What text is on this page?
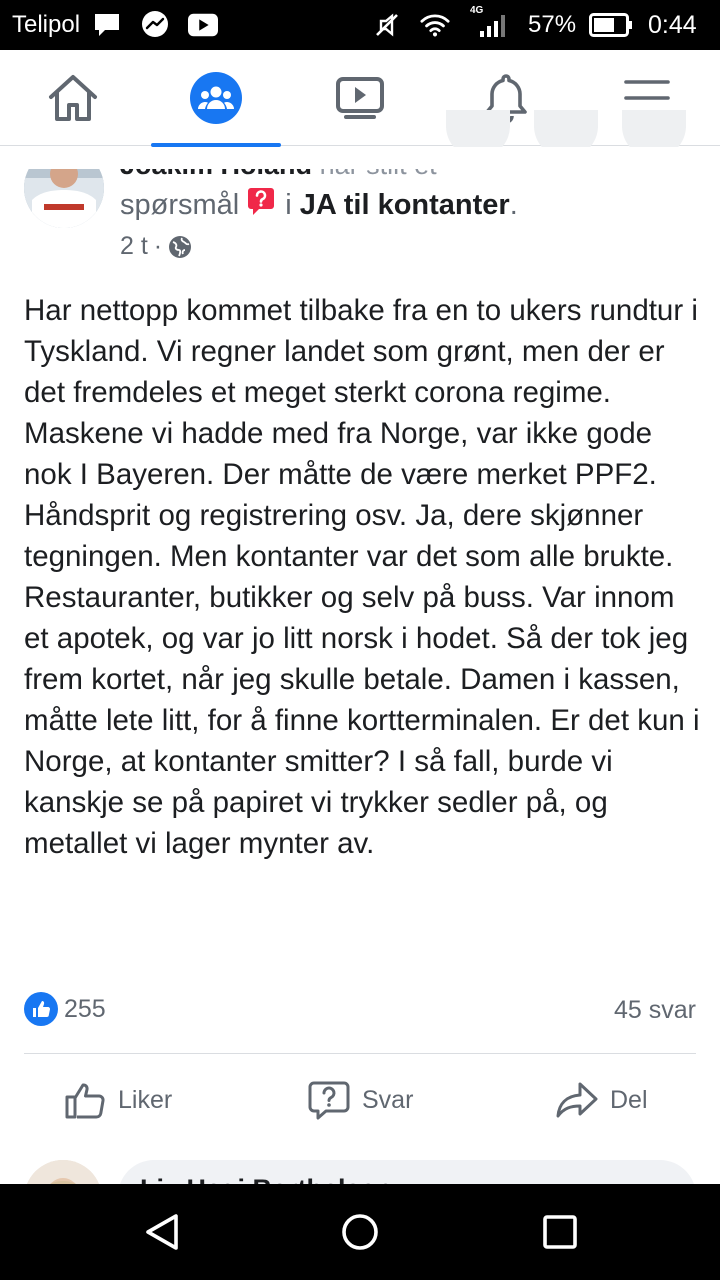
Telipol
4G
57%	0:44
spørsmål i JA til kontanter .
2 t ·
Har nettopp kommet tilbake fra en to ukers rundtur i Tyskland. Vi regner landet som grønt, men der er det fremdeles et meget sterkt corona regime. Maskene vi hadde med fra Norge, var ikke gode nok I Bayeren. Der måtte de være merket PPF2. Håndsprit og registrering osv. Ja, dere skjønner tegningen. Men kontanter var det som alle brukte. Restauranter, butikker og selv på buss. Var innom et apotek, og var jo litt norsk i hodet. Så der tok jeg frem kortet, når jeg skulle betale. Damen i kassen, måtte lete litt, for å finne kortterminalen. Er det kun i Norge, at kontanter smitter? I så fall, burde vi kanskje se på papiret vi trykker sedler på, og metallet vi lager mynter av.
255	45 svar
Liker	Svar	Del
